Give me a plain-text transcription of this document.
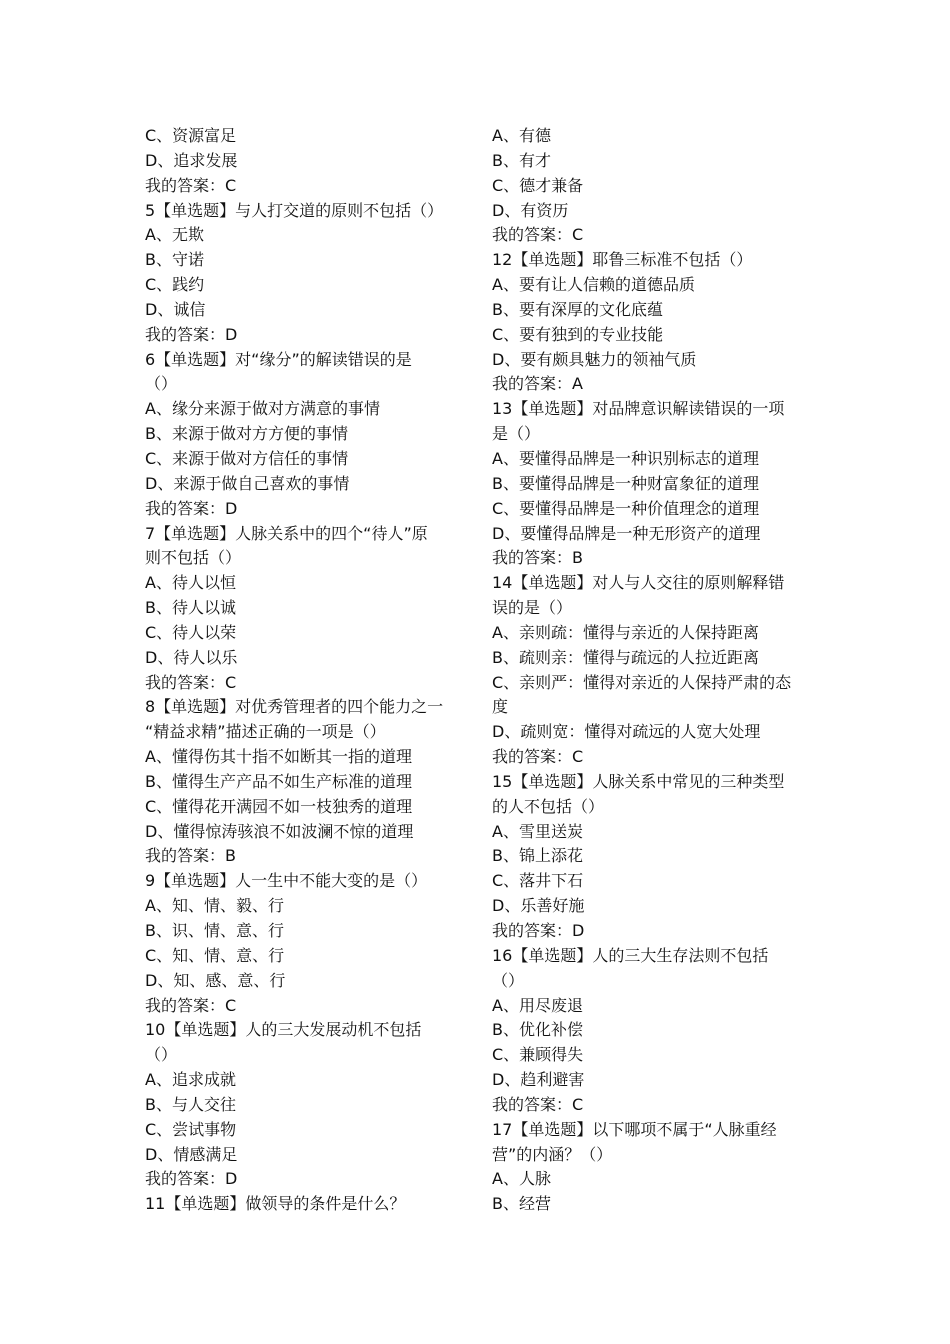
C、资源富足
D、追求发展
我的答案：C
5【单选题】与人打交道的原则不包括（）
A、无欺
B、守诺
C、践约
D、诚信
我的答案：D
6【单选题】对“缘分”的解读错误的是
（）
A、缘分来源于做对方满意的事情
B、来源于做对方方便的事情
C、来源于做对方信任的事情
D、来源于做自己喜欢的事情
我的答案：D
7【单选题】人脉关系中的四个“待人”原
则不包括（）
A、待人以恒
B、待人以诚
C、待人以荣
D、待人以乐
我的答案：C
8【单选题】对优秀管理者的四个能力之一
“精益求精”描述正确的一项是（）
A、懂得伤其十指不如断其一指的道理
B、懂得生产产品不如生产标准的道理
C、懂得花开满园不如一枝独秀的道理
D、懂得惊涛骇浪不如波澜不惊的道理
我的答案：B
9【单选题】人一生中不能大变的是（）
A、知、情、毅、行
B、识、情、意、行
C、知、情、意、行
D、知、感、意、行
我的答案：C
10【单选题】人的三大发展动机不包括
（）
A、追求成就
B、与人交往
C、尝试事物
D、情感满足
我的答案：D
11【单选题】做领导的条件是什么？
A、有德
B、有才
C、德才兼备
D、有资历
我的答案：C
12【单选题】耶鲁三标准不包括（）
A、要有让人信赖的道德品质
B、要有深厚的文化底蕴
C、要有独到的专业技能
D、要有颇具魅力的领袖气质
我的答案：A
13【单选题】对品牌意识解读错误的一项
是（）
A、要懂得品牌是一种识别标志的道理
B、要懂得品牌是一种财富象征的道理
C、要懂得品牌是一种价值理念的道理
D、要懂得品牌是一种无形资产的道理
我的答案：B
14【单选题】对人与人交往的原则解释错
误的是（）
A、亲则疏：懂得与亲近的人保持距离
B、疏则亲：懂得与疏远的人拉近距离
C、亲则严：懂得对亲近的人保持严肃的态
度
D、疏则宽：懂得对疏远的人宽大处理
我的答案：C
15【单选题】人脉关系中常见的三种类型
的人不包括（）
A、雪里送炭
B、锦上添花
C、落井下石
D、乐善好施
我的答案：D
16【单选题】人的三大生存法则不包括
（）
A、用尽废退
B、优化补偿
C、兼顾得失
D、趋利避害
我的答案：C
17【单选题】以下哪项不属于“人脉重经
营”的内涵？（）
A、人脉
B、经营
